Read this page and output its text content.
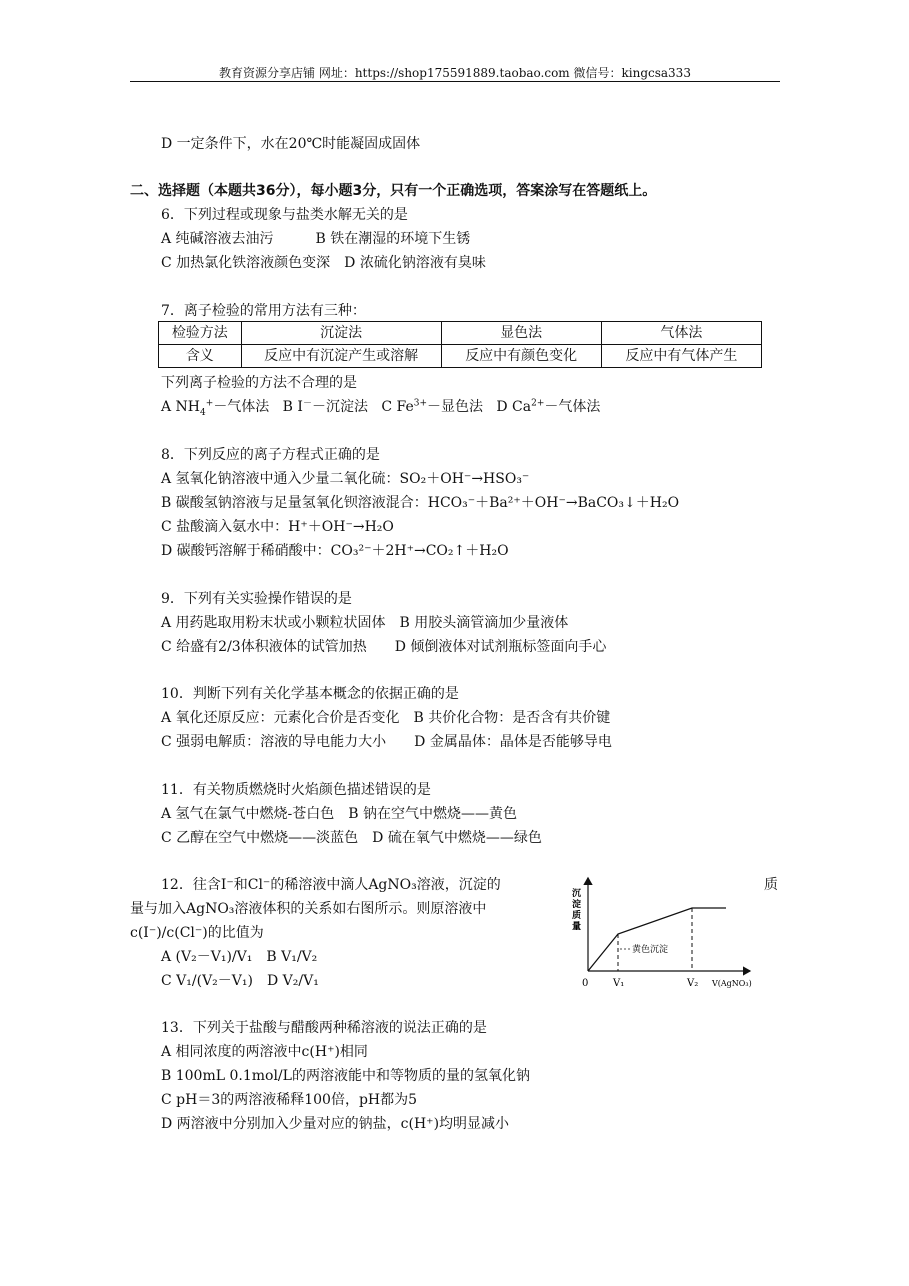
教育资源分享店铺 网址：https://shop175591889.taobao.com 微信号：kingcsa333
D 一定条件下，水在20℃时能凝固成固体
二、选择题（本题共36分），每小题3分，只有一个正确选项，答案涂写在答题纸上。
6．下列过程或现象与盐类水解无关的是
A 纯碱溶液去油污　　　B 铁在潮湿的环境下生锈
C 加热氯化铁溶液颜色变深　D 浓硫化钠溶液有臭味
7．离子检验的常用方法有三种：
检验方法	沉淀法	显色法	气体法
含义	反应中有沉淀产生或溶解	反应中有颜色变化	反应中有气体产生
下列离子检验的方法不合理的是
A $NH_4^+-$气体法 B I－－沉淀法 C $Fe^{3+}-$显色法 D $Ca^{2+}-$气体法
8．下列反应的离子方程式正确的是
A 氢氧化钠溶液中通入少量二氧化硫：SO₂＋OH⁻→HSO₃⁻
B 碳酸氢钠溶液与足量氢氧化钡溶液混合：HCO₃⁻＋Ba²⁺＋OH⁻→BaCO₃↓＋H₂O
C 盐酸滴入氨水中：H⁺＋OH⁻→H₂O
D 碳酸钙溶解于稀硝酸中：CO₃²⁻＋2H⁺→CO₂↑＋H₂O
9．下列有关实验操作错误的是
A 用药匙取用粉末状或小颗粒状固体　B 用胶头滴管滴加少量液体
C 给盛有2/3体积液体的试管加热　　D 倾倒液体对试剂瓶标签面向手心
10．判断下列有关化学基本概念的依据正确的是
A 氧化还原反应：元素化合价是否变化　B 共价化合物：是否含有共价键
C 强弱电解质：溶液的导电能力大小　　D 金属晶体：晶体是否能够导电
11．有关物质燃烧时火焰颜色描述错误的是
A 氢气在氯气中燃烧-苍白色　B 钠在空气中燃烧——黄色
C 乙醇在空气中燃烧——淡蓝色　D 硫在氧气中燃烧——绿色
12．往含I⁻和Cl⁻的稀溶液中滴人AgNO₃溶液，沉淀的	质
量与加入AgNO₃溶液体积的关系如右图所示。则原溶液中
c(I⁻)/c(Cl⁻)的比值为
A (V₂－V₁)/V₁　B V₁/V₂
C V₁/(V₂－V₁)　D V₂/V₁
沉
淀
质
量
黄色沉淀
0 V₁	V₂ V(AgNO₃)
13．下列关于盐酸与醋酸两种稀溶液的说法正确的是
A 相同浓度的两溶液中c(H⁺)相同
B 100mL 0.1mol/L的两溶液能中和等物质的量的氢氧化钠
C pH＝3的两溶液稀释100倍，pH都为5
D 两溶液中分别加入少量对应的钠盐，c(H⁺)均明显减小
